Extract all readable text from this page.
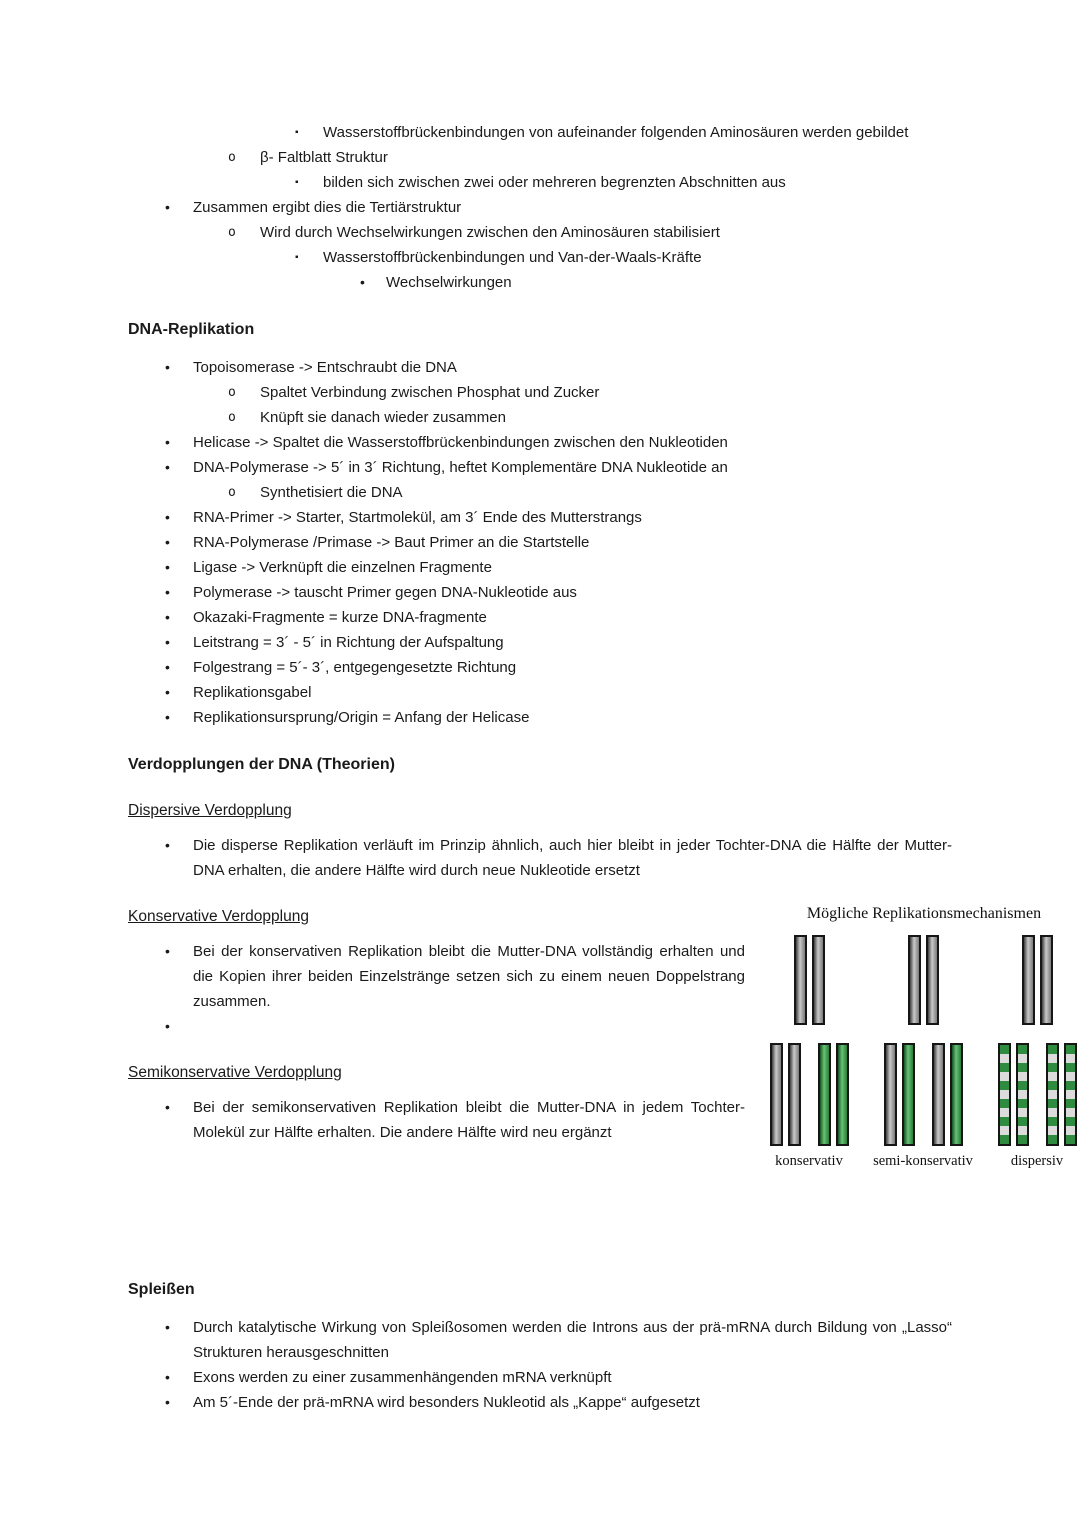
▪	Wasserstoffbrückenbindungen von aufeinander folgenden Aminosäuren werden gebildet
o	β- Faltblatt Struktur
▪	bilden sich zwischen zwei oder mehreren begrenzten Abschnitten aus
•	Zusammen ergibt dies die Tertiärstruktur
o	Wird durch Wechselwirkungen zwischen den Aminosäuren stabilisiert
▪	Wasserstoffbrückenbindungen und Van-der-Waals-Kräfte
•	Wechselwirkungen
DNA-Replikation
•	Topoisomerase -> Entschraubt die DNA
o	Spaltet Verbindung zwischen Phosphat und Zucker
o	Knüpft sie danach wieder zusammen
•	Helicase -> Spaltet die Wasserstoffbrückenbindungen zwischen den Nukleotiden
•	DNA-Polymerase -> 5´ in 3´ Richtung, heftet Komplementäre DNA Nukleotide an
o	Synthetisiert die DNA
•	RNA-Primer -> Starter, Startmolekül, am 3´ Ende des Mutterstrangs
•	RNA-Polymerase /Primase -> Baut Primer an die Startstelle
•	Ligase -> Verknüpft die einzelnen Fragmente
•	Polymerase -> tauscht Primer gegen DNA-Nukleotide aus
•	Okazaki-Fragmente = kurze DNA-fragmente
•	Leitstrang = 3´ - 5´ in Richtung der Aufspaltung
•	Folgestrang = 5´- 3´, entgegengesetzte Richtung
•	Replikationsgabel
•	Replikationsursprung/Origin = Anfang der Helicase
Verdopplungen der DNA (Theorien)
Dispersive Verdopplung
•	Die disperse Replikation verläuft im Prinzip ähnlich, auch hier bleibt in jeder Tochter-DNA die Hälfte der Mutter-DNA erhalten, die andere Hälfte wird durch neue Nukleotide ersetzt
Konservative Verdopplung
•	Bei der konservativen Replikation bleibt die Mutter-DNA vollständig erhalten und die Kopien ihrer beiden Einzelstränge setzen sich zu einem neuen Doppelstrang zusammen.
•
Semikonservative Verdopplung
•	Bei der semikonservativen Replikation bleibt die Mutter-DNA in jedem Tochter-Molekül zur Hälfte erhalten. Die andere Hälfte wird neu ergänzt
Spleißen
•	Durch katalytische Wirkung von Spleißosomen werden die Introns aus der prä-mRNA durch Bildung von „Lasso“ Strukturen herausgeschnitten
•	Exons werden zu einer zusammenhängenden mRNA verknüpft
•	Am 5´-Ende der prä-mRNA wird besonders Nukleotid als „Kappe“ aufgesetzt
Mögliche Replikationsmechanismen
konservativ semi-konservativ	dispersiv
